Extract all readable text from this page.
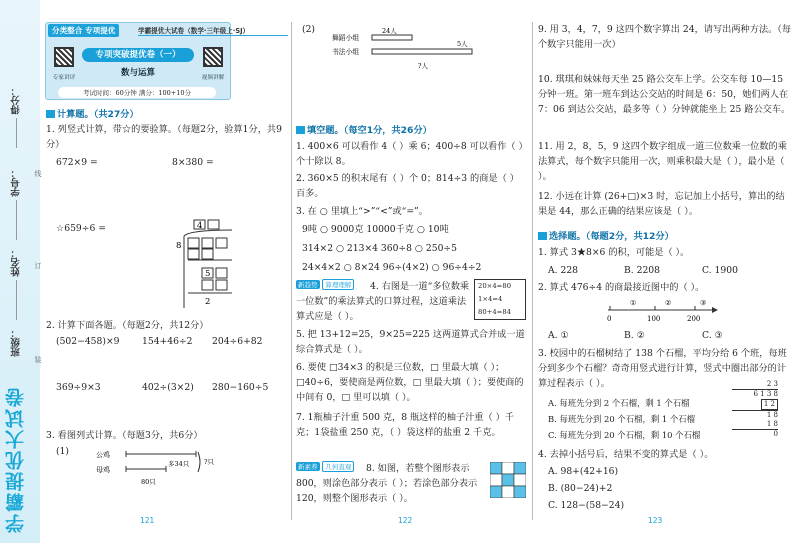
学霸提优大试卷
得分：
学号：
姓名：
班级：
线
订
装
分类整合 专项提优	学霸提优大试卷（数学·三年级上·SJ）
专家讲评	视频讲解
专项突破提优卷（一）
数与运算
考试时间：60分钟 满分：100+10分
计算题。（共27分）
1. 列竖式计算，带☆的要验算。（每题2分，验算1分，共9分）
672×9 =	8×380 =
☆659÷6 =	4
8
5
2
2. 计算下面各题。（每题2分，共12分）
(502−458)×9 154+46÷2 204÷6+82
369÷9×3	402÷(3×2) 280−160÷5
3. 看图列式计算。（每题3分，共6分）
(1)	公鸡
母鸡
多34只
80只
?只
121
(2)
舞蹈小组
书法小组
24人
5人
?人
填空题。（每空1分，共26分）
1. 400×6 可以看作 4（ ）乘 6；400÷8 可以看作（ ）个十除以 8。
2. 360×5 的积末尾有（ ）个 0；814÷3 的商是（ ）百多。
3. 在 ○ 里填上“>”“<”或“=”。
9吨 ○ 9000克 10000千克 ○ 10吨
314×2 ○ 213×4 360÷8 ○ 250÷5
24×4×2 ○ 8×24 96÷(4×2) ○ 96÷4÷2
新趋势 算理理解	4. 右图是一道“多位数乘一位数”的乘法算式的口算过程，这道乘法算式应是（ ）。
20×4=80
1×4=4
80+4=84
5. 把 13+12=25，9×25=225 这两道算式合并成一道综合算式是（ ）。
6. 要使 □34×3 的积是三位数，□ 里最大填（ ）；□40÷6，要使商是两位数，□ 里最大填（ ）；要使商的中间有 0，□ 里可以填（ ）。
7. 1瓶柚子汁重 500 克，8 瓶这样的柚子汁重（ ）千克；1袋盐重 250 克，（ ）袋这样的盐重 2 千克。
新素养 几何直观	8. 如图，若整个图形表示 800，则涂色部分表示（ ）；若涂色部分表示 120，则整个图形表示（ ）。
122
9. 用 3，4，7，9 这四个数字算出 24，请写出两种方法。（每个数字只能用一次）
10. 琪琪和妹妹每天坐 25 路公交车上学。公交车每 10—15 分钟一班。第一班车到达公交站的时间是 6：50，她们两人在 7：06 到达公交站，最多等（ ）分钟就能坐上 25 路公交车。
11. 用 2，8，5，9 这四个数字组成一道三位数乘一位数的乘法算式，每个数字只能用一次，则乘积最大是（ ），最小是（ ）。
12. 小远在计算 (26+□)×3 时，忘记加上小括号，算出的结果是 44，那么正确的结果应该是（ ）。
选择题。（每题2分，共12分）
1. 算式 3★8×6 的积，可能是（ ）。
A. 228	B. 2208	C. 1900
2. 算式 476÷4 的商最接近图中的（ ）。
0	100	200
①	②	③
A. ①	B. ②	C. ③
3. 校园中的石榴树结了 138 个石榴，平均分给 6 个班，每班分到多少个石榴？奇奇用竖式进行计算，竖式中圈出部分的计算过程表示（ ）。
A. 每班先分到 2 个石榴，剩 1 个石榴
B. 每班先分到 20 个石榴，剩 1 个石榴
C. 每班先分到 20 个石榴，剩 10 个石榴
2 3
6 1 3 8
1 2
1 8
1 8
0
4. 去掉小括号后，结果不变的算式是（ ）。
A. 98+(42+16)
B. (80−24)+2
C. 128−(58−24)
123
